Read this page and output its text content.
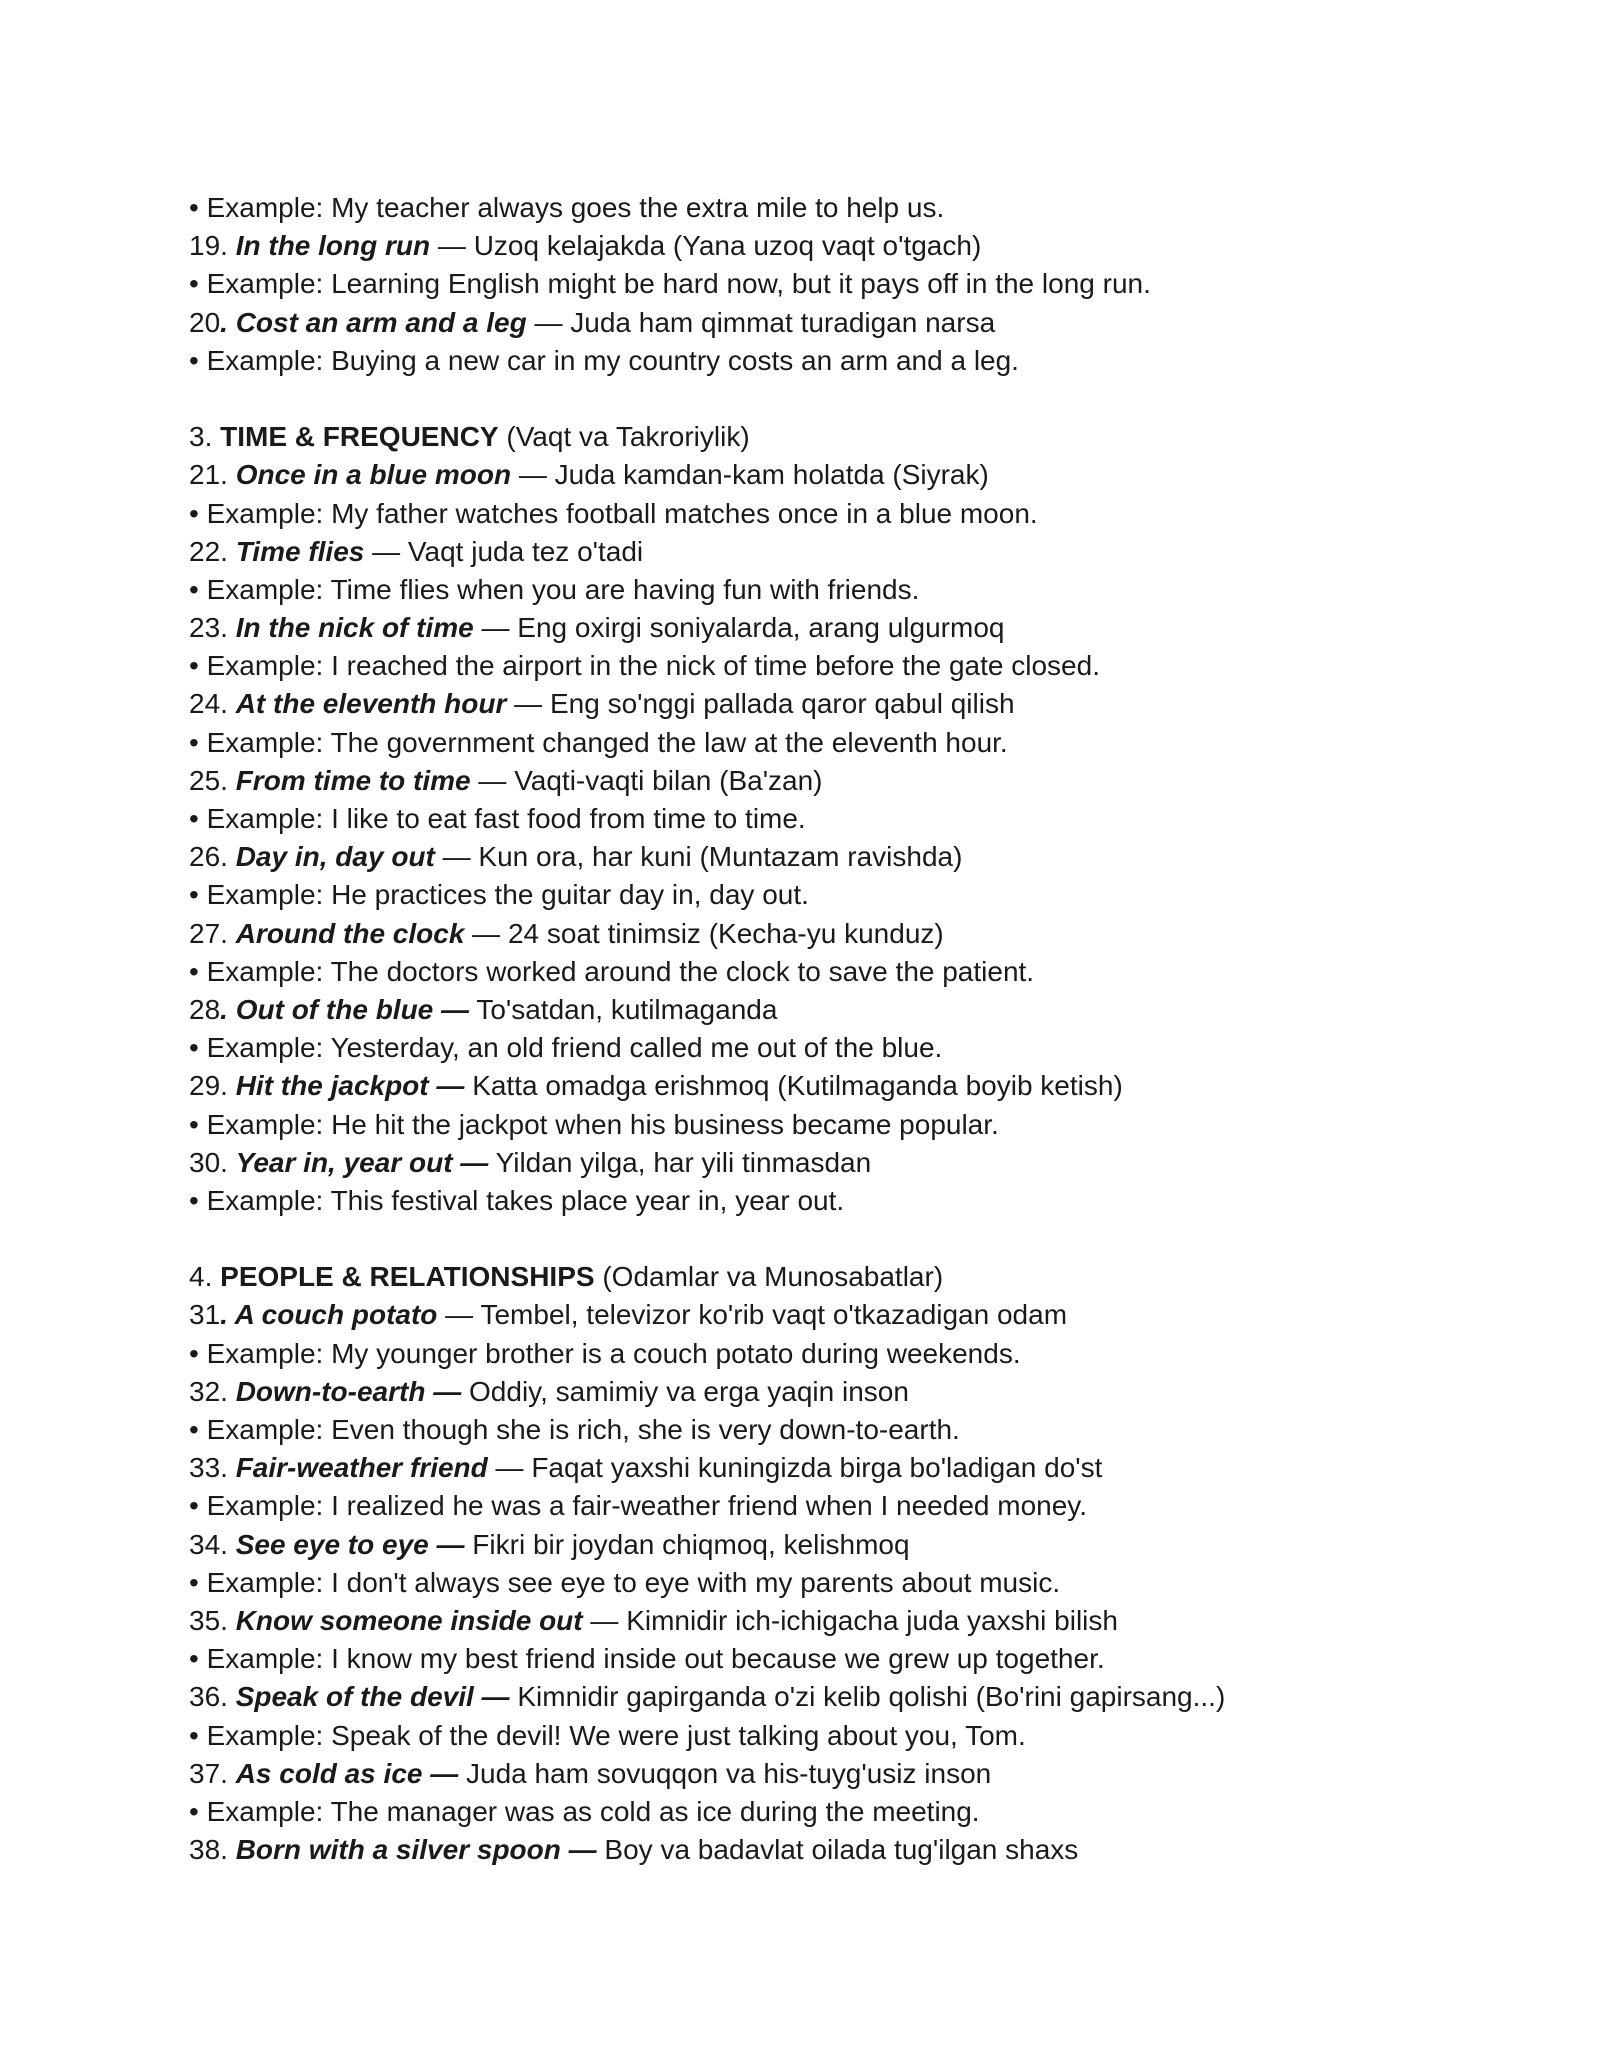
• Example: My teacher always goes the extra mile to help us.
19. In the long run — Uzoq kelajakda (Yana uzoq vaqt o'tgach)
• Example: Learning English might be hard now, but it pays off in the long run.
20. Cost an arm and a leg — Juda ham qimmat turadigan narsa
• Example: Buying a new car in my country costs an arm and a leg.
3. TIME & FREQUENCY (Vaqt va Takroriylik)
21. Once in a blue moon — Juda kamdan-kam holatda (Siyrak)
• Example: My father watches football matches once in a blue moon.
22. Time flies — Vaqt juda tez o'tadi
• Example: Time flies when you are having fun with friends.
23. In the nick of time — Eng oxirgi soniyalarda, arang ulgurmoq
• Example: I reached the airport in the nick of time before the gate closed.
24. At the eleventh hour — Eng so'nggi pallada qaror qabul qilish
• Example: The government changed the law at the eleventh hour.
25. From time to time — Vaqti-vaqti bilan (Ba'zan)
• Example: I like to eat fast food from time to time.
26. Day in, day out — Kun ora, har kuni (Muntazam ravishda)
• Example: He practices the guitar day in, day out.
27. Around the clock — 24 soat tinimsiz (Kecha-yu kunduz)
• Example: The doctors worked around the clock to save the patient.
28. Out of the blue — To'satdan, kutilmaganda
• Example: Yesterday, an old friend called me out of the blue.
29. Hit the jackpot — Katta omadga erishmoq (Kutilmaganda boyib ketish)
• Example: He hit the jackpot when his business became popular.
30. Year in, year out — Yildan yilga, har yili tinmasdan
• Example: This festival takes place year in, year out.
4. PEOPLE & RELATIONSHIPS (Odamlar va Munosabatlar)
31. A couch potato — Tembel, televizor ko'rib vaqt o'tkazadigan odam
• Example: My younger brother is a couch potato during weekends.
32. Down-to-earth — Oddiy, samimiy va erga yaqin inson
• Example: Even though she is rich, she is very down-to-earth.
33. Fair-weather friend — Faqat yaxshi kuningizda birga bo'ladigan do'st
• Example: I realized he was a fair-weather friend when I needed money.
34. See eye to eye — Fikri bir joydan chiqmoq, kelishmoq
• Example: I don't always see eye to eye with my parents about music.
35. Know someone inside out — Kimnidir ich-ichigacha juda yaxshi bilish
• Example: I know my best friend inside out because we grew up together.
36. Speak of the devil — Kimnidir gapirganda o'zi kelib qolishi (Bo'rini gapirsang...)
• Example: Speak of the devil! We were just talking about you, Tom.
37. As cold as ice — Juda ham sovuqqon va his-tuyg'usiz inson
• Example: The manager was as cold as ice during the meeting.
38. Born with a silver spoon — Boy va badavlat oilada tug'ilgan shaxs
